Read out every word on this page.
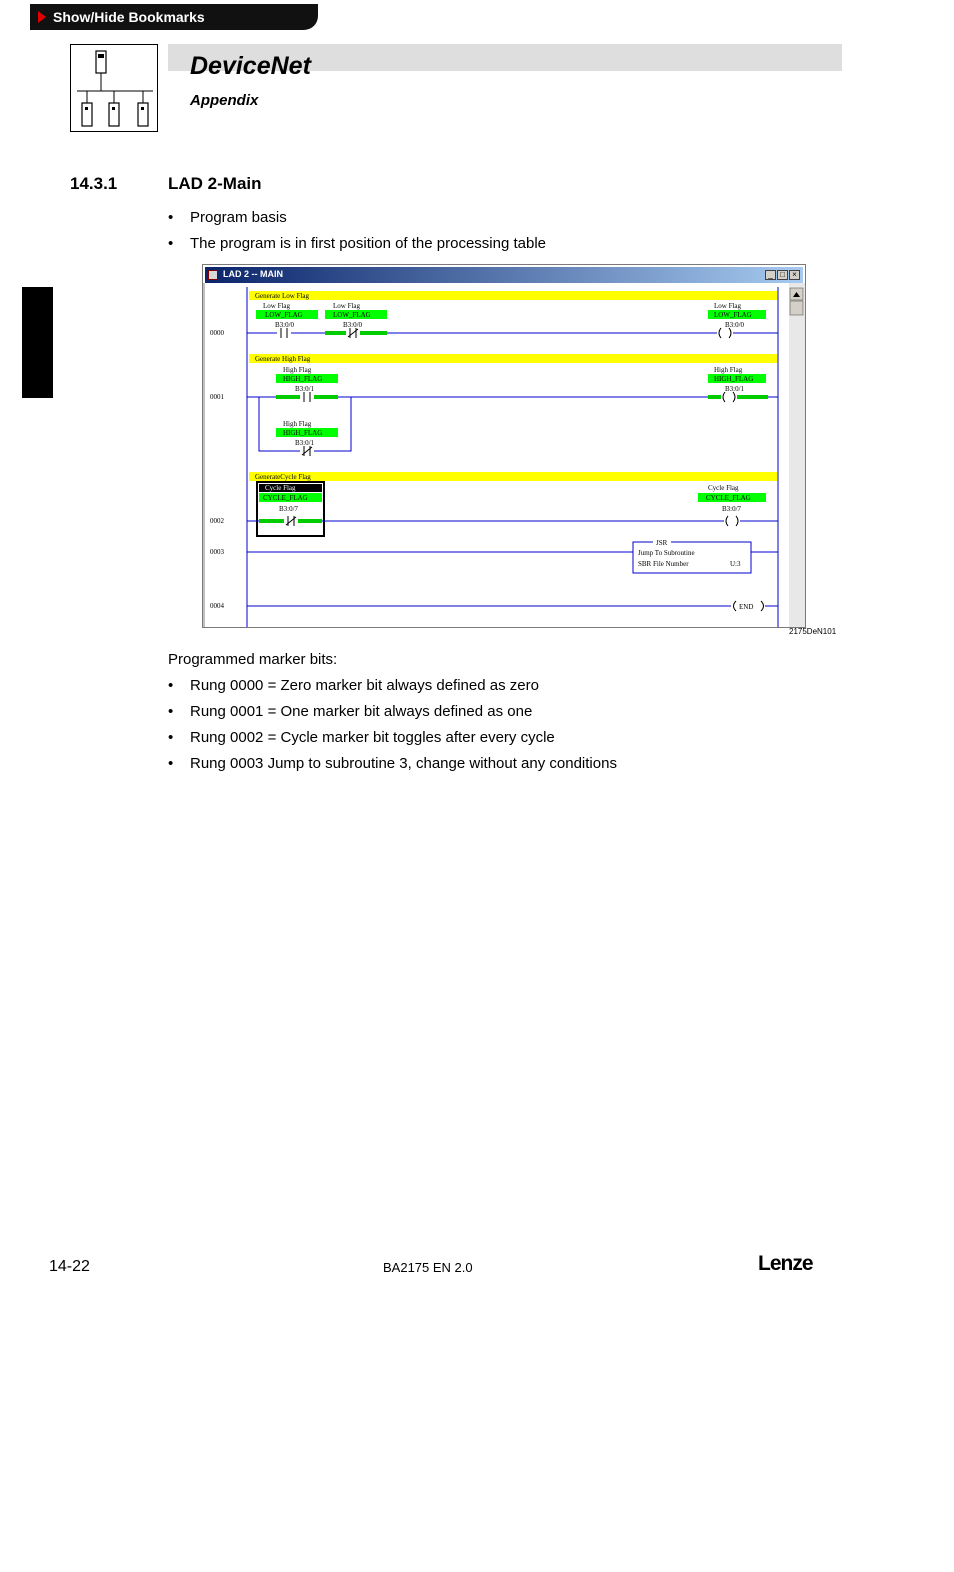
Show/Hide Bookmarks
DeviceNet
Appendix
14.3.1	LAD 2-Main
• Program basis
• The program is in first position of the processing table
LAD 2 -- MAIN	_ □ ×
Generate Low Flag
Low Flag
LOW_FLAG
B3:0/0
Low Flag
LOW_FLAG
B3:0/0
Low Flag
LOW_FLAG
B3:0/0
0000
Generate High Flag
High Flag
HIGH_FLAG
B3:0/1
High Flag
HIGH_FLAG
B3:0/1
0001
High Flag
HIGH_FLAG
B3:0/1
GenerateCycle Flag
Cycle Flag
CYCLE_FLAG
B3:0/7
Cycle Flag
CYCLE_FLAG
B3:0/7
0002
0003
JSR
Jump To Subroutine
SBR File Number	U:3
0004	END
2175DeN101
Programmed marker bits:
• Rung 0000 = Zero marker bit always defined as zero
• Rung 0001 = One marker bit always defined as one
• Rung 0002 = Cycle marker bit toggles after every cycle
• Rung 0003 Jump to subroutine 3, change without any conditions
14-22	BA2175 EN 2.0	Lenze
